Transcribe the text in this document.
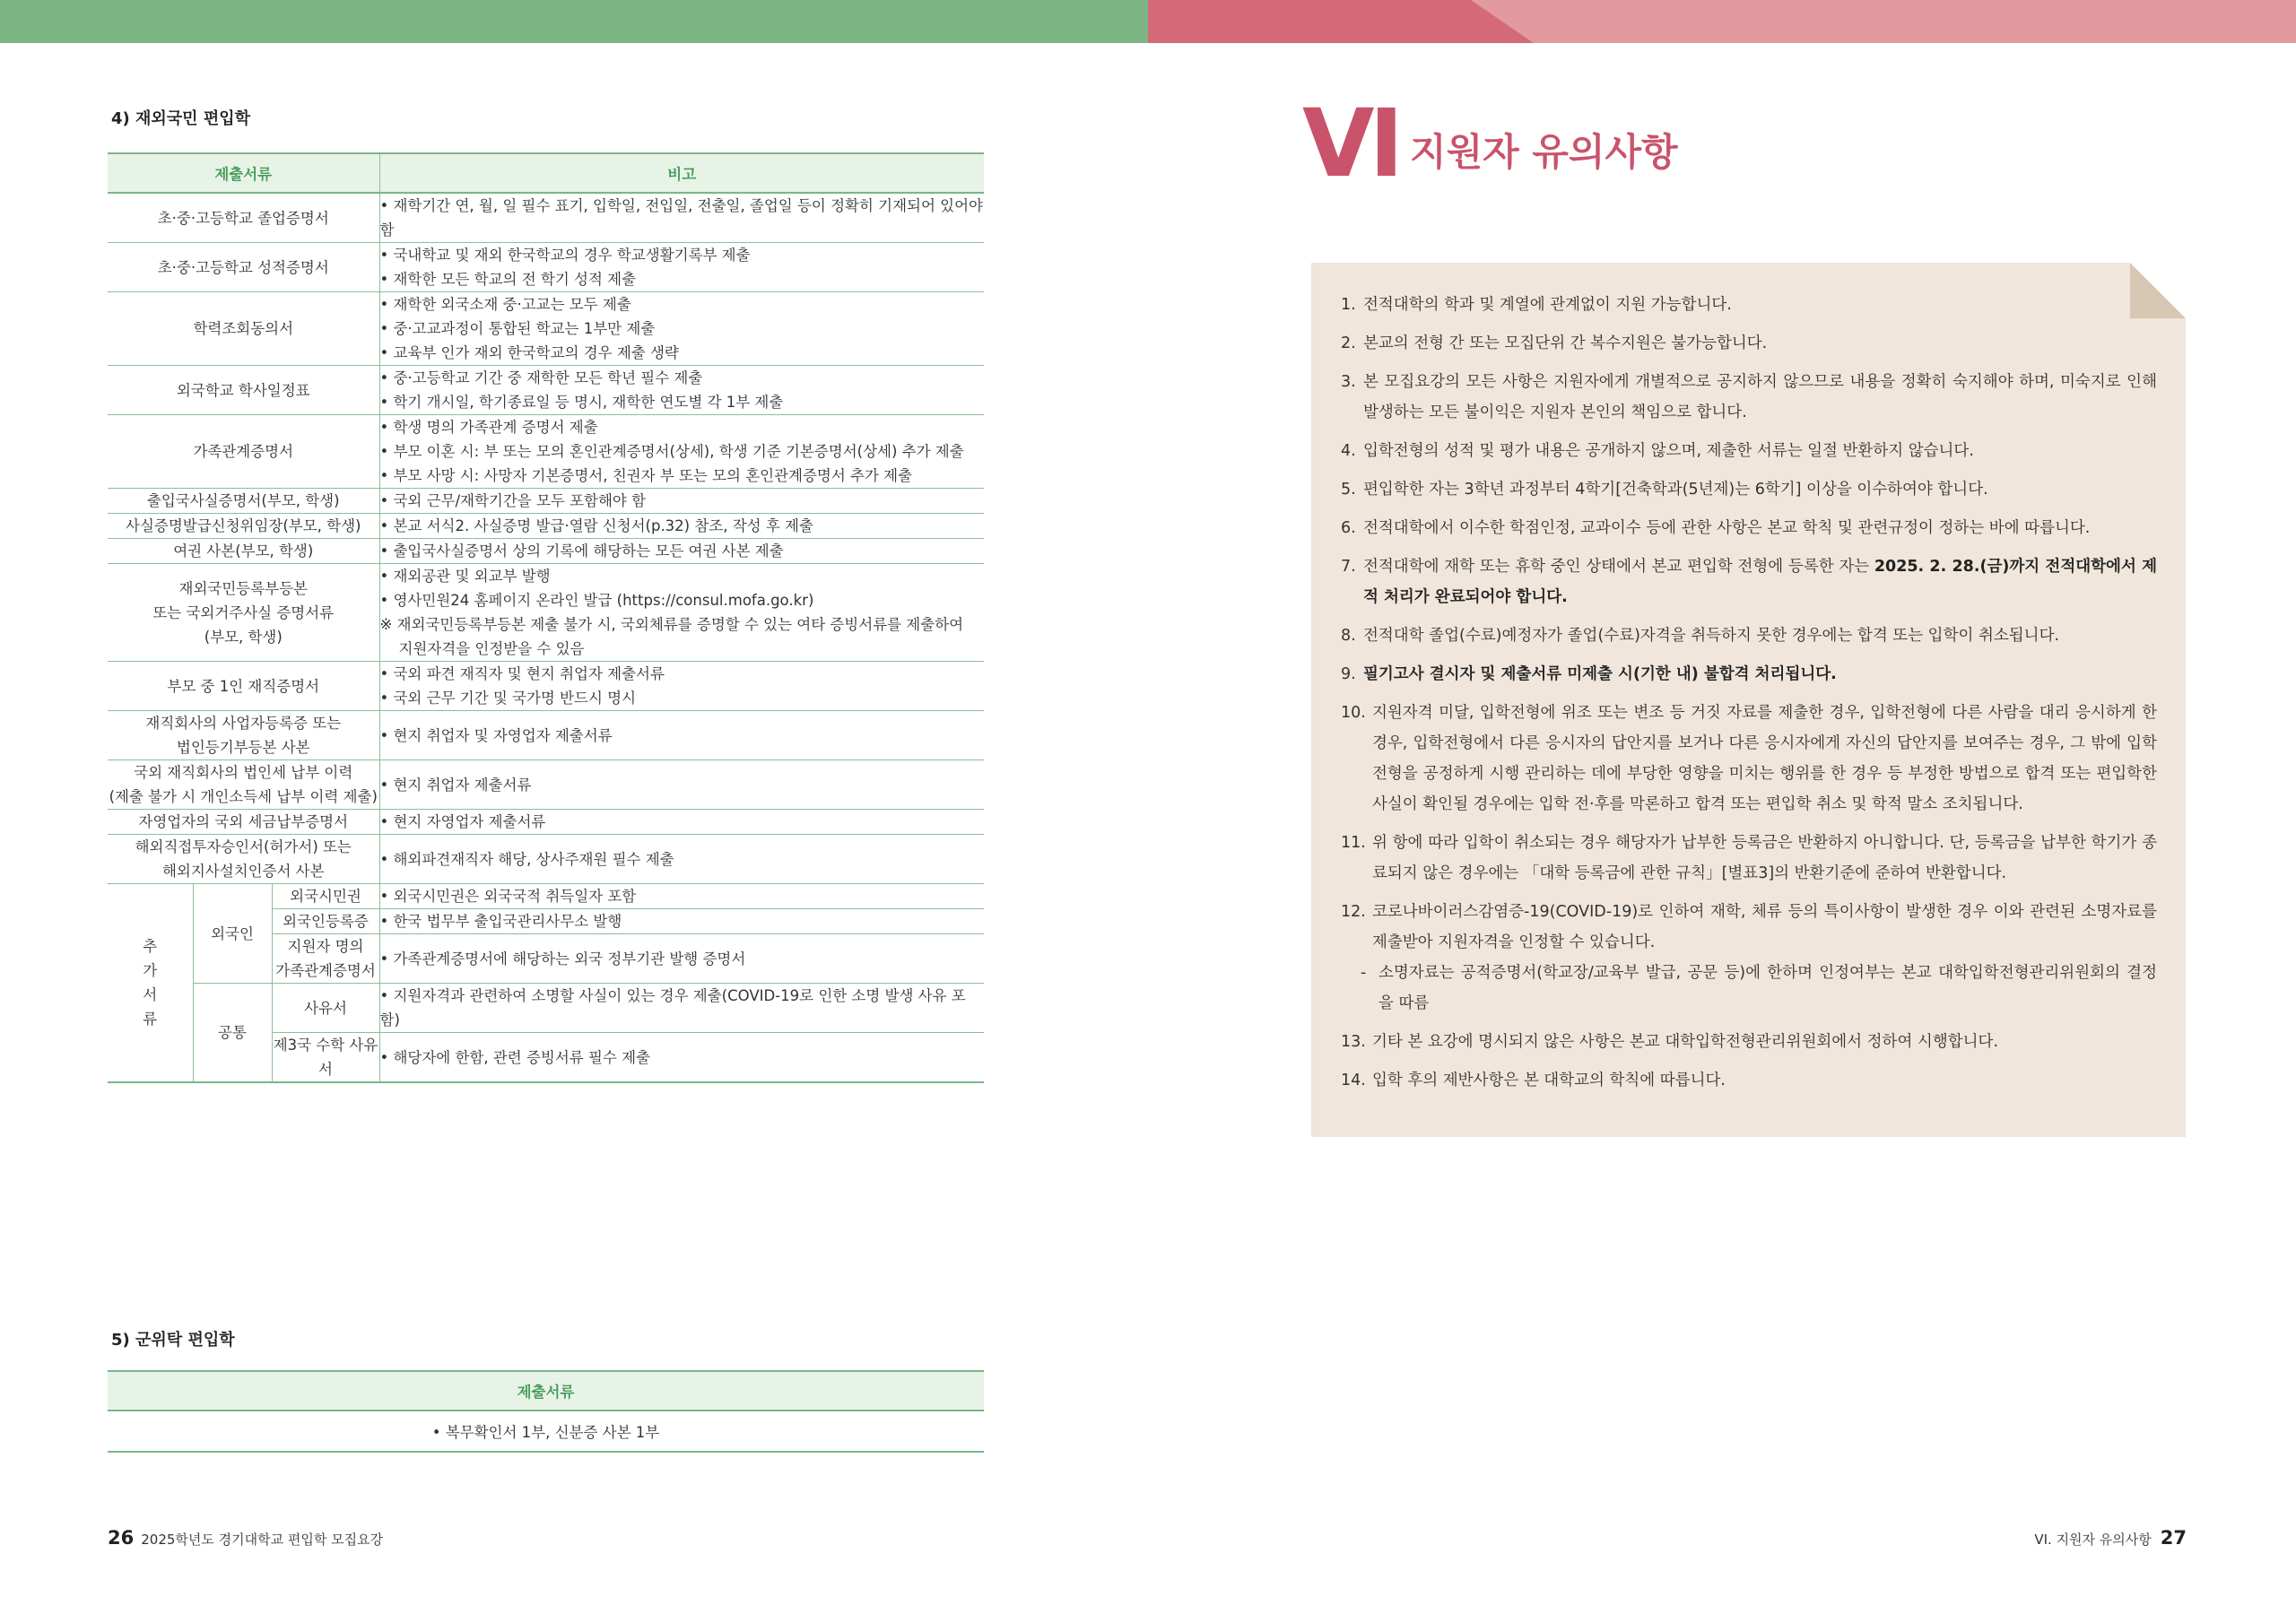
4) 재외국민 편입학
제출서류			비고
초·중·고등학교 졸업증명서			• 재학기간 연, 월, 일 필수 표기, 입학일, 전입일, 전출일, 졸업일 등이 정확히 기재되어 있어야 함

초·중·고등학교 성적증명서			• 국내학교 및 재외 한국학교의 경우 학교생활기록부 제출
• 재학한 모든 학교의 전 학기 성적 제출

학력조회동의서			• 재학한 외국소재 중·고교는 모두 제출
• 중·고교과정이 통합된 학교는 1부만 제출
• 교육부 인가 재외 한국학교의 경우 제출 생략

외국학교 학사일정표			• 중·고등학교 기간 중 재학한 모든 학년 필수 제출
• 학기 개시일, 학기종료일 등 명시, 재학한 연도별 각 1부 제출

가족관계증명서			• 학생 명의 가족관계 증명서 제출
• 부모 이혼 시: 부 또는 모의 혼인관계증명서(상세), 학생 기준 기본증명서(상세) 추가 제출
• 부모 사망 시: 사망자 기본증명서, 친권자 부 또는 모의 혼인관계증명서 추가 제출

출입국사실증명서(부모, 학생)			• 국외 근무/재학기간을 모두 포함해야 함

사실증명발급신청위임장(부모, 학생)			• 본교 서식2. 사실증명 발급·열람 신청서(p.32) 참조, 작성 후 제출

여권 사본(부모, 학생)			• 출입국사실증명서 상의 기록에 해당하는 모든 여권 사본 제출

재외국민등록부등본
또는 국외거주사실 증명서류
(부모, 학생)			• 재외공관 및 외교부 발행
• 영사민원24 홈페이지 온라인 발급 (https://consul.mofa.go.kr)
※ 재외국민등록부등본 제출 불가 시, 국외체류를 증명할 수 있는 여타 증빙서류를 제출하여
지원자격을 인정받을 수 있음

부모 중 1인 재직증명서			• 국외 파견 재직자 및 현지 취업자 제출서류
• 국외 근무 기간 및 국가명 반드시 명시

재직회사의 사업자등록증 또는
법인등기부등본 사본			• 현지 취업자 및 자영업자 제출서류

국외 재직회사의 법인세 납부 이력
(제출 불가 시 개인소득세 납부 이력 제출)			• 현지 취업자 제출서류

자영업자의 국외 세금납부증명서			• 현지 자영업자 제출서류

해외직접투자승인서(허가서) 또는
해외지사설치인증서 사본			• 해외파견재직자 해당, 상사주재원 필수 제출

추
가
서
류	외국인	외국시민권	• 외국시민권은 외국국적 취득일자 포함
		외국인등록증	• 한국 법무부 출입국관리사무소 발행
		지원자 명의
가족관계증명서	• 가족관계증명서에 해당하는 외국 정부기관 발행 증명서
	공통	사유서	• 지원자격과 관련하여 소명할 사실이 있는 경우 제출(COVID-19로 인한 소명 발생 사유 포함)
		제3국 수학 사유서	• 해당자에 한함, 관련 증빙서류 필수 제출
5) 군위탁 편입학
제출서류
• 복무확인서 1부, 신분증 사본 1부
26 2025학년도 경기대학교 편입학 모집요강
VI 지원자 유의사항
1. 전적대학의 학과 및 계열에 관계없이 지원 가능합니다.
2. 본교의 전형 간 또는 모집단위 간 복수지원은 불가능합니다.
3. 본 모집요강의 모든 사항은 지원자에게 개별적으로 공지하지 않으므로 내용을 정확히 숙지해야 하며, 미숙지로 인해 발생하는 모든 불이익은 지원자 본인의 책임으로 합니다.
4. 입학전형의 성적 및 평가 내용은 공개하지 않으며, 제출한 서류는 일절 반환하지 않습니다.
5. 편입학한 자는 3학년 과정부터 4학기[건축학과(5년제)는 6학기] 이상을 이수하여야 합니다.
6. 전적대학에서 이수한 학점인정, 교과이수 등에 관한 사항은 본교 학칙 및 관련규정이 정하는 바에 따릅니다.
7. 전적대학에 재학 또는 휴학 중인 상태에서 본교 편입학 전형에 등록한 자는 2025. 2. 28.(금)까지 전적대학에서 제적 처리가 완료되어야 합니다.
8. 전적대학 졸업(수료)예정자가 졸업(수료)자격을 취득하지 못한 경우에는 합격 또는 입학이 취소됩니다.
9. 필기고사 결시자 및 제출서류 미제출 시(기한 내) 불합격 처리됩니다.
10. 지원자격 미달, 입학전형에 위조 또는 변조 등 거짓 자료를 제출한 경우, 입학전형에 다른 사람을 대리 응시하게 한 경우, 입학전형에서 다른 응시자의 답안지를 보거나 다른 응시자에게 자신의 답안지를 보여주는 경우, 그 밖에 입학전형을 공정하게 시행 관리하는 데에 부당한 영향을 미치는 행위를 한 경우 등 부정한 방법으로 합격 또는 편입학한 사실이 확인될 경우에는 입학 전·후를 막론하고 합격 또는 편입학 취소 및 학적 말소 조치됩니다.
11. 위 항에 따라 입학이 취소되는 경우 해당자가 납부한 등록금은 반환하지 아니합니다. 단, 등록금을 납부한 학기가 종료되지 않은 경우에는 「대학 등록금에 관한 규칙」[별표3]의 반환기준에 준하여 반환합니다.
12. 코로나바이러스감염증-19(COVID-19)로 인하여 재학, 체류 등의 특이사항이 발생한 경우 이와 관련된 소명자료를 제출받아 지원자격을 인정할 수 있습니다.
- 소명자료는 공적증명서(학교장/교육부 발급, 공문 등)에 한하며 인정여부는 본교 대학입학전형관리위원회의 결정을 따름
13. 기타 본 요강에 명시되지 않은 사항은 본교 대학입학전형관리위원회에서 정하여 시행합니다.
14. 입학 후의 제반사항은 본 대학교의 학칙에 따릅니다.
VI. 지원자 유의사항 27
